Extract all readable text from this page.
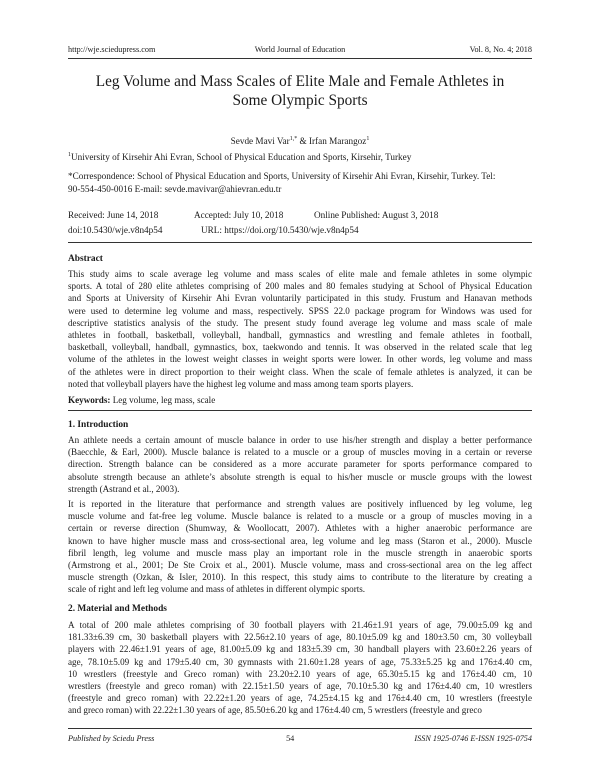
http://wje.sciedupress.com	World Journal of Education	Vol. 8, No. 4; 2018
Leg Volume and Mass Scales of Elite Male and Female Athletes in
Some Olympic Sports
Sevde Mavi Var$^{1,*}$ & Irfan Marangoz$^1$
$^1$University of Kirsehir Ahi Evran, School of Physical Education and Sports, Kirsehir, Turkey
*Correspondence: School of Physical Education and Sports, University of Kirsehir Ahi Evran, Kirsehir, Turkey. Tel:
90-554-450-0016 E-mail: sevde.mavivar@ahievran.edu.tr
Received: June 14, 2018	Accepted: July 10, 2018	Online Published: August 3, 2018
doi:10.5430/wje.v8n4p54	URL: https://doi.org/10.5430/wje.v8n4p54
Abstract
This study aims to scale average leg volume and mass scales of elite male and female athletes in some olympic
sports. A total of 280 elite athletes comprising of 200 males and 80 females studying at School of Physical Education
and Sports at University of Kirsehir Ahi Evran voluntarily participated in this study. Frustum and Hanavan methods
were used to determine leg volume and mass, respectively. SPSS 22.0 package program for Windows was used for
descriptive statistics analysis of the study. The present study found average leg volume and mass scale of male
athletes in football, basketball, volleyball, handball, gymnastics and wrestling and female athletes in football,
basketball, volleyball, handball, gymnastics, box, taekwondo and tennis. It was observed in the related scale that leg
volume of the athletes in the lowest weight classes in weight sports were lower. In other words, leg volume and mass
of the athletes were in direct proportion to their weight class. When the scale of female athletes is analyzed, it can be
noted that volleyball players have the highest leg volume and mass among team sports players.
Keywords: Leg volume, leg mass, scale
1. Introduction
An athlete needs a certain amount of muscle balance in order to use his/her strength and display a better performance
(Baecchle, & Earl, 2000). Muscle balance is related to a muscle or a group of muscles moving in a certain or reverse
direction. Strength balance can be considered as a more accurate parameter for sports performance compared to
absolute strength because an athlete’s absolute strength is equal to his/her muscle or muscle groups with the lowest
strength (Astrand et al., 2003).
It is reported in the literature that performance and strength values are positively influenced by leg volume, leg
muscle volume and fat-free leg volume. Muscle balance is related to a muscle or a group of muscles moving in a
certain or reverse direction (Shumway, & Woollocatt, 2007). Athletes with a higher anaerobic performance are
known to have higher muscle mass and cross-sectional area, leg volume and leg mass (Staron et al., 2000). Muscle
fibril length, leg volume and muscle mass play an important role in the muscle strength in anaerobic sports
(Armstrong et al., 2001; De Ste Croix et al., 2001). Muscle volume, mass and cross-sectional area on the leg affect
muscle strength (Ozkan, & Isler, 2010). In this respect, this study aims to contribute to the literature by creating a
scale of right and left leg volume and mass of athletes in different olympic sports.
2. Material and Methods
A total of 200 male athletes comprising of 30 football players with 21.46±1.91 years of age, 79.00±5.09 kg and
181.33±6.39 cm, 30 basketball players with 22.56±2.10 years of age, 80.10±5.09 kg and 180±3.50 cm, 30 volleyball
players with 22.46±1.91 years of age, 81.00±5.09 kg and 183±5.39 cm, 30 handball players with 23.60±2.26 years of
age, 78.10±5.09 kg and 179±5.40 cm, 30 gymnasts with 21.60±1.28 years of age, 75.33±5.25 kg and 176±4.40 cm,
10 wrestlers (freestyle and Greco roman) with 23.20±2.10 years of age, 65.30±5.15 kg and 176±4.40 cm, 10
wrestlers (freestyle and greco roman) with 22.15±1.50 years of age, 70.10±5.30 kg and 176±4.40 cm, 10 wrestlers
(freestyle and greco roman) with 22.22±1.20 years of age, 74.25±4.15 kg and 176±4.40 cm, 10 wrestlers (freestyle
and greco roman) with 22.22±1.30 years of age, 85.50±6.20 kg and 176±4.40 cm, 5 wrestlers (freestyle and greco
Published by Sciedu Press	54	ISSN 1925-0746 E-ISSN 1925-0754
